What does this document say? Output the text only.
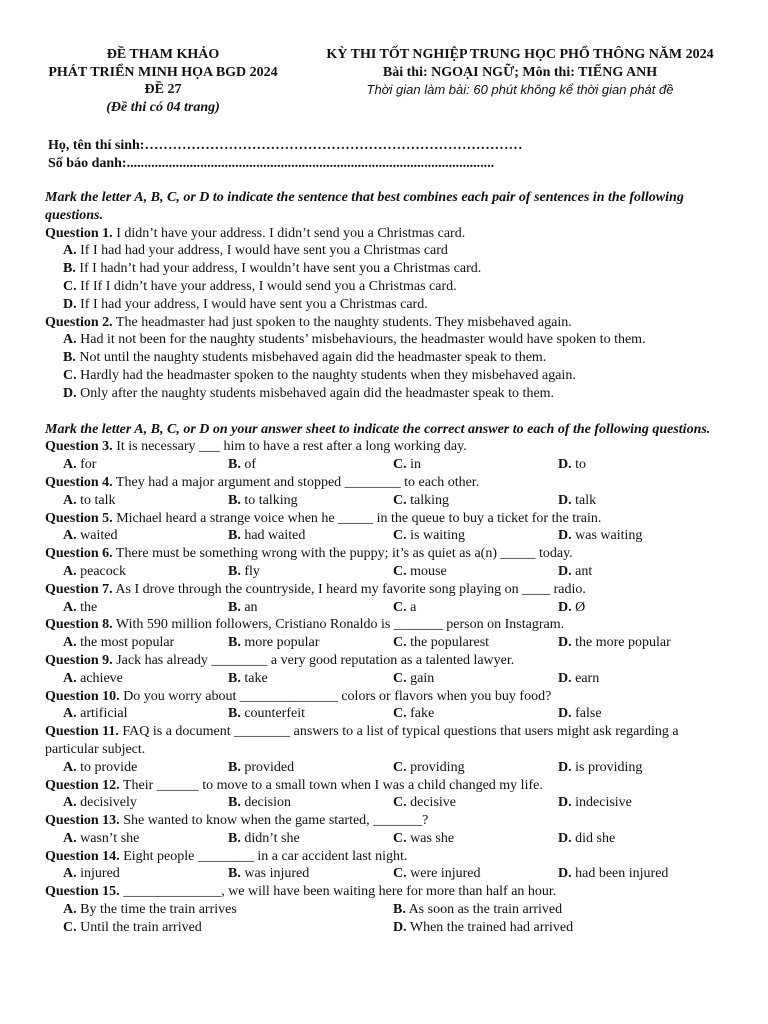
ĐỀ THAM KHẢO
PHÁT TRIỂN MINH HỌA BGD 2024
ĐỀ 27
(Đề thi có 04 trang)
KỲ THI TỐT NGHIỆP TRUNG HỌC PHỔ THÔNG NĂM 2024
Bài thi: NGOẠI NGỮ; Môn thi: TIẾNG ANH
Thời gian làm bài: 60 phút không kể thời gian phát đề
Họ, tên thí sinh:………………………………………………………………………
Số báo danh:.........................................................................................................
Mark the letter A, B, C, or D to indicate the sentence that best combines each pair of sentences in the following questions.
Question 1. I didn’t have your address. I didn’t send you a Christmas card.
A. If I had had your address, I would have sent you a Christmas card
B. If I hadn’t had your address, I wouldn’t have sent you a Christmas card.
C. If If I didn’t have your address, I would send you a Christmas card.
D. If I had your address, I would have sent you a Christmas card.
Question 2. The headmaster had just spoken to the naughty students. They misbehaved again.
A. Had it not been for the naughty students’ misbehaviours, the headmaster would have spoken to them.
B. Not until the naughty students misbehaved again did the headmaster speak to them.
C. Hardly had the headmaster spoken to the naughty students when they misbehaved again.
D. Only after the naughty students misbehaved again did the headmaster speak to them.
Mark the letter A, B, C, or D on your answer sheet to indicate the correct answer to each of the following questions.
Question 3. It is necessary ___ him to have a rest after a long working day.
A. for	B. of	C. in	D. to
Question 4. They had a major argument and stopped ________ to each other.
A. to talk	B. to talking	C. talking	D. talk
Question 5. Michael heard a strange voice when he _____ in the queue to buy a ticket for the train.
A. waited	B. had waited	C. is waiting	D. was waiting
Question 6. There must be something wrong with the puppy; it’s as quiet as a(n) _____ today.
A. peacock	B. fly	C. mouse	D. ant
Question 7. As I drove through the countryside, I heard my favorite song playing on ____ radio.
A. the	B. an	C. a	D. Ø
Question 8. With 590 million followers, Cristiano Ronaldo is _______ person on Instagram.
A. the most popular	B. more popular	C. the popularest	D. the more popular
Question 9. Jack has already ________ a very good reputation as a talented lawyer.
A. achieve	B. take	C. gain	D. earn
Question 10. Do you worry about ______________ colors or flavors when you buy food?
A. artificial	B. counterfeit	C. fake	D. false
Question 11. FAQ is a document ________ answers to a list of typical questions that users might ask regarding a particular subject.
A. to provide	B. provided	C. providing	D. is providing
Question 12. Their ______ to move to a small town when I was a child changed my life.
A. decisively	B. decision	C. decisive	D. indecisive
Question 13. She wanted to know when the game started, _______?
A. wasn’t she	B. didn’t she	C. was she	D. did she
Question 14. Eight people ________ in a car accident last night.
A. injured	B. was injured	C. were injured	D. had been injured
Question 15. ______________, we will have been waiting here for more than half an hour.
A. By the time the train arrives	B. As soon as the train arrived
C. Until the train arrived	D. When the trained had arrived
